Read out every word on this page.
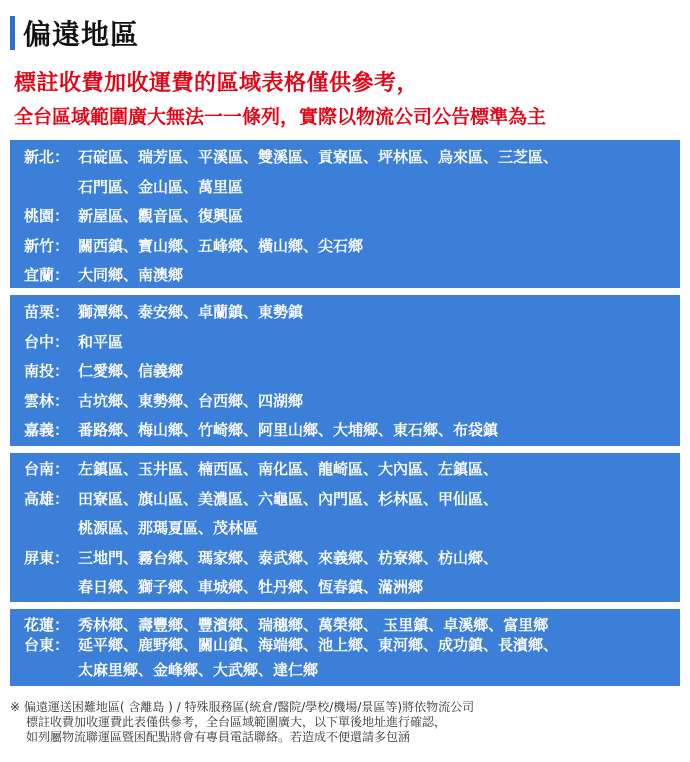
偏遠地區
標註收費加收運費的區域表格僅供參考，
全台區域範圍廣大無法一一條列，實際以物流公司公告標準為主
新北： 石碇區、瑞芳區、平溪區、雙溪區、貢寮區、坪林區、烏來區、三芝區、
石門區、金山區、萬里區
桃園： 新屋區、觀音區、復興區
新竹： 關西鎮、寶山鄉、五峰鄉、橫山鄉、尖石鄉
宜蘭： 大同鄉、南澳鄉
苗栗： 獅潭鄉、泰安鄉、卓蘭鎮、東勢鎮
台中： 和平區
南投： 仁愛鄉、信義鄉
雲林： 古坑鄉、東勢鄉、台西鄉、四湖鄉
嘉義： 番路鄉、梅山鄉、竹崎鄉、阿里山鄉、大埔鄉、東石鄉、布袋鎮
台南： 左鎮區、玉井區、楠西區、南化區、龍崎區、大內區、左鎮區、
高雄： 田寮區、旗山區、美濃區、六龜區、內門區、杉林區、甲仙區、
桃源區、那瑪夏區、茂林區
屏東： 三地門、霧台鄉、瑪家鄉、泰武鄉、來義鄉、枋寮鄉、枋山鄉、
春日鄉、獅子鄉、車城鄉、牡丹鄉、恆春鎮、滿洲鄉
花蓮： 秀林鄉、壽豐鄉、豐濱鄉、瑞穗鄉、萬榮鄉、 玉里鎮、卓溪鄉、富里鄉
台東： 延平鄉、鹿野鄉、關山鎮、海端鄉、池上鄉、東河鄉、成功鎮、長濱鄉、
太麻里鄉、金峰鄉、大武鄉、達仁鄉
※ 偏遠運送困難地區( 含離島 ) / 特殊服務區(統倉/醫院/學校/機場/景區等)將依物流公司
標註收費加收運費此表僅供參考，全台區域範圍廣大，以下單後地址進行確認，
如列屬物流聯運區暨困配點將會有專員電話聯絡。若造成不便還請多包涵
